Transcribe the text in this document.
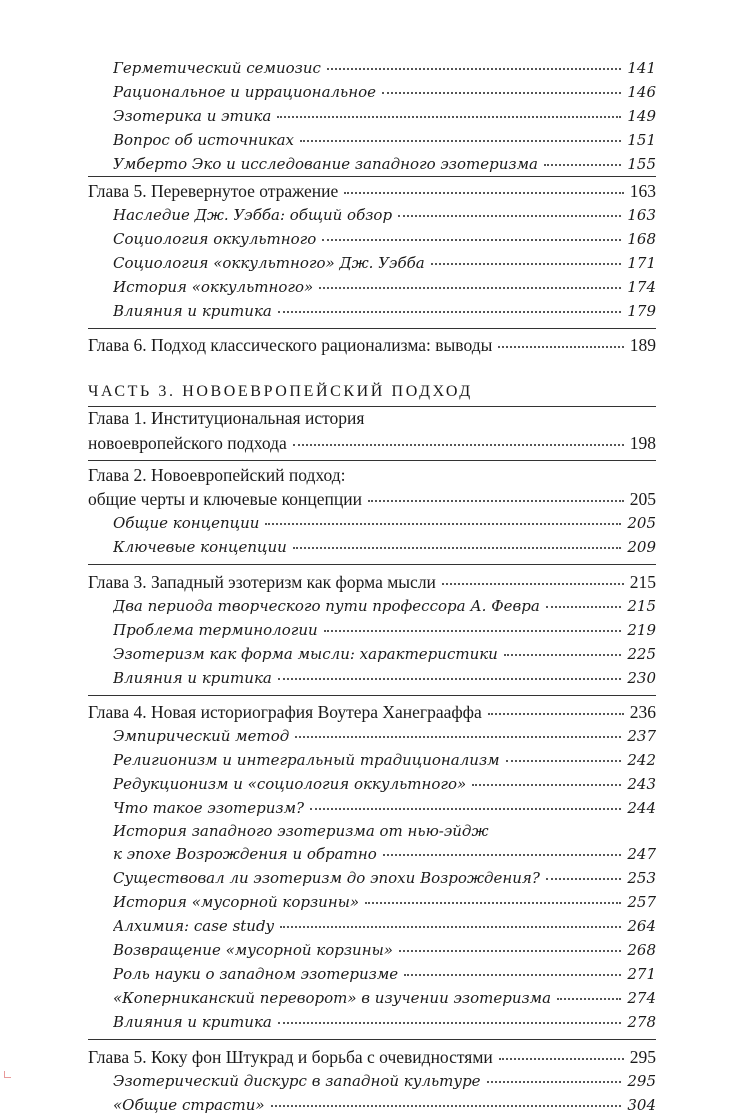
Герметический семиозис	141
Рациональное и иррациональное	146
Эзотерика и этика	149
Вопрос об источниках	151
Умберто Эко и исследование западного эзотеризма	155
Глава 5. Перевернутое отражение	163
Наследие Дж. Уэбба: общий обзор	163
Социология оккультного	168
Социология «оккультного» Дж. Уэбба	171
История «оккультного»	174
Влияния и критика	179
Глава 6. Подход классического рационализма: выводы	189
ЧАСТЬ 3. НОВОЕВРОПЕЙСКИЙ ПОДХОД
Глава 1. Институциональная история
новоевропейского подхода	198
Глава 2. Новоевропейский подход:
общие черты и ключевые концепции	205
Общие концепции	205
Ключевые концепции	209
Глава 3. Западный эзотеризм как форма мысли	215
Два периода творческого пути профессора А. Февра	215
Проблема терминологии	219
Эзотеризм как форма мысли: характеристики	225
Влияния и критика	230
Глава 4. Новая историография Воутера Ханеграаффа	236
Эмпирический метод	237
Религионизм и интегральный традиционализм	242
Редукционизм и «социология оккультного»	243
Что такое эзотеризм?	244
История западного эзотеризма от нью-эйдж
к эпохе Возрождения и обратно	247
Существовал ли эзотеризм до эпохи Возрождения?	253
История «мусорной корзины»	257
Алхимия: case study	264
Возвращение «мусорной корзины»	268
Роль науки о западном эзотеризме	271
«Коперниканский переворот» в изучении эзотеризма	274
Влияния и критика	278
Глава 5. Коку фон Штукрад и борьба с очевидностями	295
Эзотерический дискурс в западной культуре	295
«Общие страсти»	304
